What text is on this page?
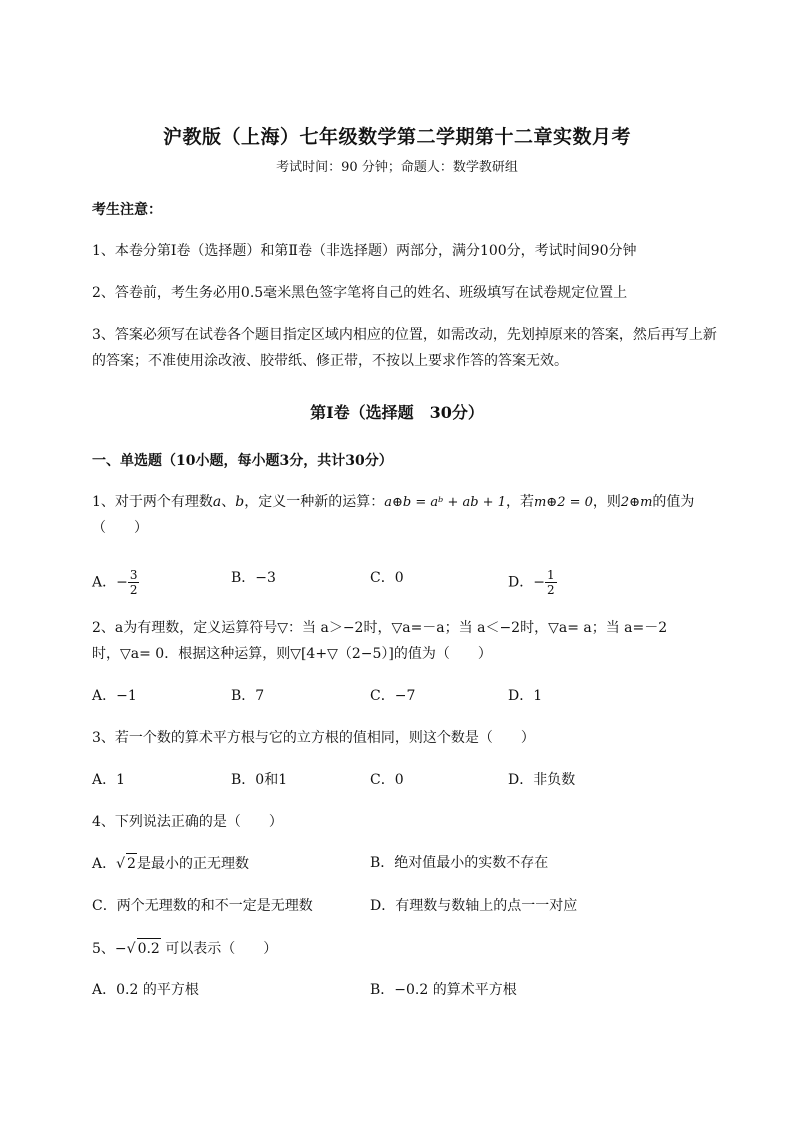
沪教版（上海）七年级数学第二学期第十二章实数月考
考试时间：90 分钟；命题人：数学教研组
考生注意：
1、本卷分第Ⅰ卷（选择题）和第Ⅱ卷（非选择题）两部分，满分100分，考试时间90分钟
2、答卷前，考生务必用0.5毫米黑色签字笔将自己的姓名、班级填写在试卷规定位置上
3、答案必须写在试卷各个题目指定区域内相应的位置，如需改动，先划掉原来的答案，然后再写上新
的答案；不准使用涂改液、胶带纸、修正带，不按以上要求作答的答案无效。
第Ⅰ卷（选择题　30分）
一、单选题（10小题，每小题3分，共计30分）
1、对于两个有理数a、b，定义一种新的运算：a⊕b = aᵇ + ab + 1，若m⊕2 = 0，则2⊕m的值为
（　　）
A．− $\frac{3}{2}$	B．−3	C．0	D．− $\frac{1}{2}$
2、a为有理数，定义运算符号▽：当 a＞−2时，▽a=－a；当 a＜−2时，▽a= a；当 a=－2
时，▽a= 0．根据这种运算，则▽[4+▽（2−5）]的值为（　　）
A．−1	B．7	C．−7	D．1
3、若一个数的算术平方根与它的立方根的值相同，则这个数是（　　）
A．1	B．0和1	C．0	D．非负数
4、下列说法正确的是（　　）
A．√ 2是最小的正无理数	B．绝对值最小的实数不存在
C．两个无理数的和不一定是无理数	D．有理数与数轴上的点一一对应
5、−√ 0.2 可以表示（　　）
A．0.2 的平方根	B．−0.2 的算术平方根
